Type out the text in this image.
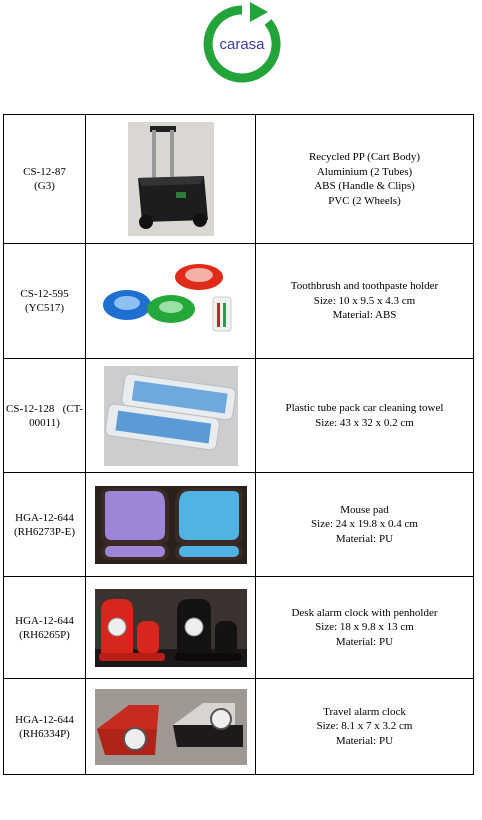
carasa
CS-12-87
(G3)		Recycled PP (Cart Body)
Aluminium (2 Tubes)
ABS (Handle & Clips)
PVC (2 Wheels)

CS-12-595
(YC517)		Toothbrush and toothpaste holder
Size: 10 x 9.5 x 4.3 cm
Material: ABS

CS-12-128   (CT-
00011)		Plastic tube pack car cleaning towel
Size: 43 x 32 x 0.2 cm

HGA-12-644
(RH6273P-E)		Mouse pad
Size: 24 x 19.8 x 0.4 cm
Material: PU

HGA-12-644
(RH6265P)		Desk alarm clock with penholder
Size: 18 x 9.8 x 13 cm
Material: PU

HGA-12-644
(RH6334P)		Travel alarm clock
Size: 8.1 x 7 x 3.2 cm
Material: PU
